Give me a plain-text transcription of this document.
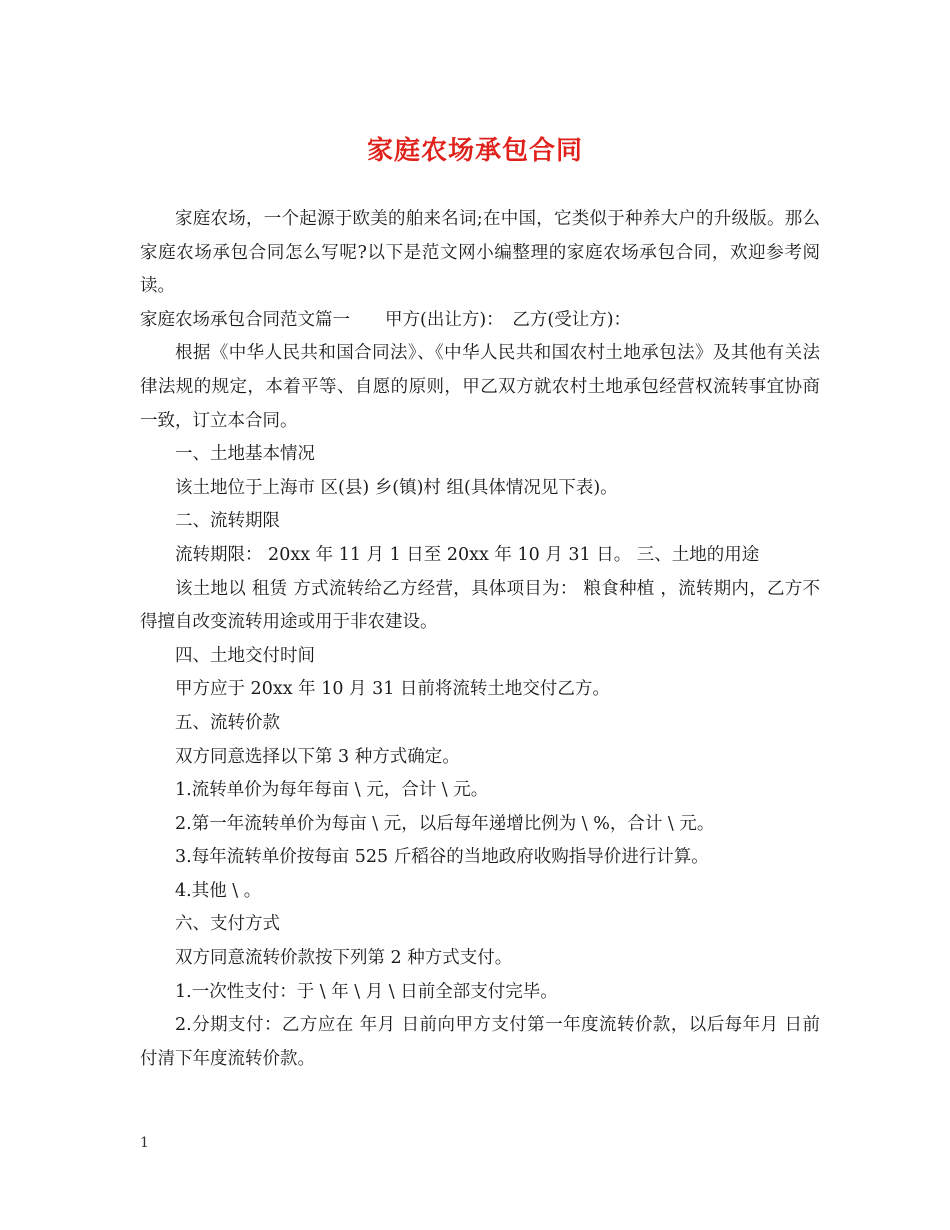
家庭农场承包合同

家庭农场，一个起源于欧美的舶来名词;在中国，它类似于种养大户的升级版。那么家庭农场承包合同怎么写呢?以下是范文网小编整理的家庭农场承包合同，欢迎参考阅读。

家庭农场承包合同范文篇一　　甲方(出让方)：　乙方(受让方)：

根据《中华人民共和国合同法》、《中华人民共和国农村土地承包法》及其他有关法律法规的规定，本着平等、自愿的原则，甲乙双方就农村土地承包经营权流转事宜协商一致，订立本合同。

一、土地基本情况

该土地位于上海市 区(县) 乡(镇)村 组(具体情况见下表)。

二、流转期限

流转期限： 20xx 年 11 月 1 日至 20xx 年 10 月 31 日。 三、土地的用途

该土地以 租赁 方式流转给乙方经营，具体项目为： 粮食种植 ，流转期内，乙方不得擅自改变流转用途或用于非农建设。

四、土地交付时间

甲方应于 20xx 年 10 月 31 日前将流转土地交付乙方。

五、流转价款

双方同意选择以下第 3 种方式确定。

1.流转单价为每年每亩 \ 元，合计 \ 元。

2.第一年流转单价为每亩 \ 元，以后每年递增比例为 \ %，合计 \ 元。

3.每年流转单价按每亩 525 斤稻谷的当地政府收购指导价进行计算。

4.其他 \ 。

六、支付方式

双方同意流转价款按下列第 2 种方式支付。

1.一次性支付：于 \ 年 \ 月 \ 日前全部支付完毕。

2.分期支付：乙方应在 年月 日前向甲方支付第一年度流转价款，以后每年月 日前付清下年度流转价款。

1
